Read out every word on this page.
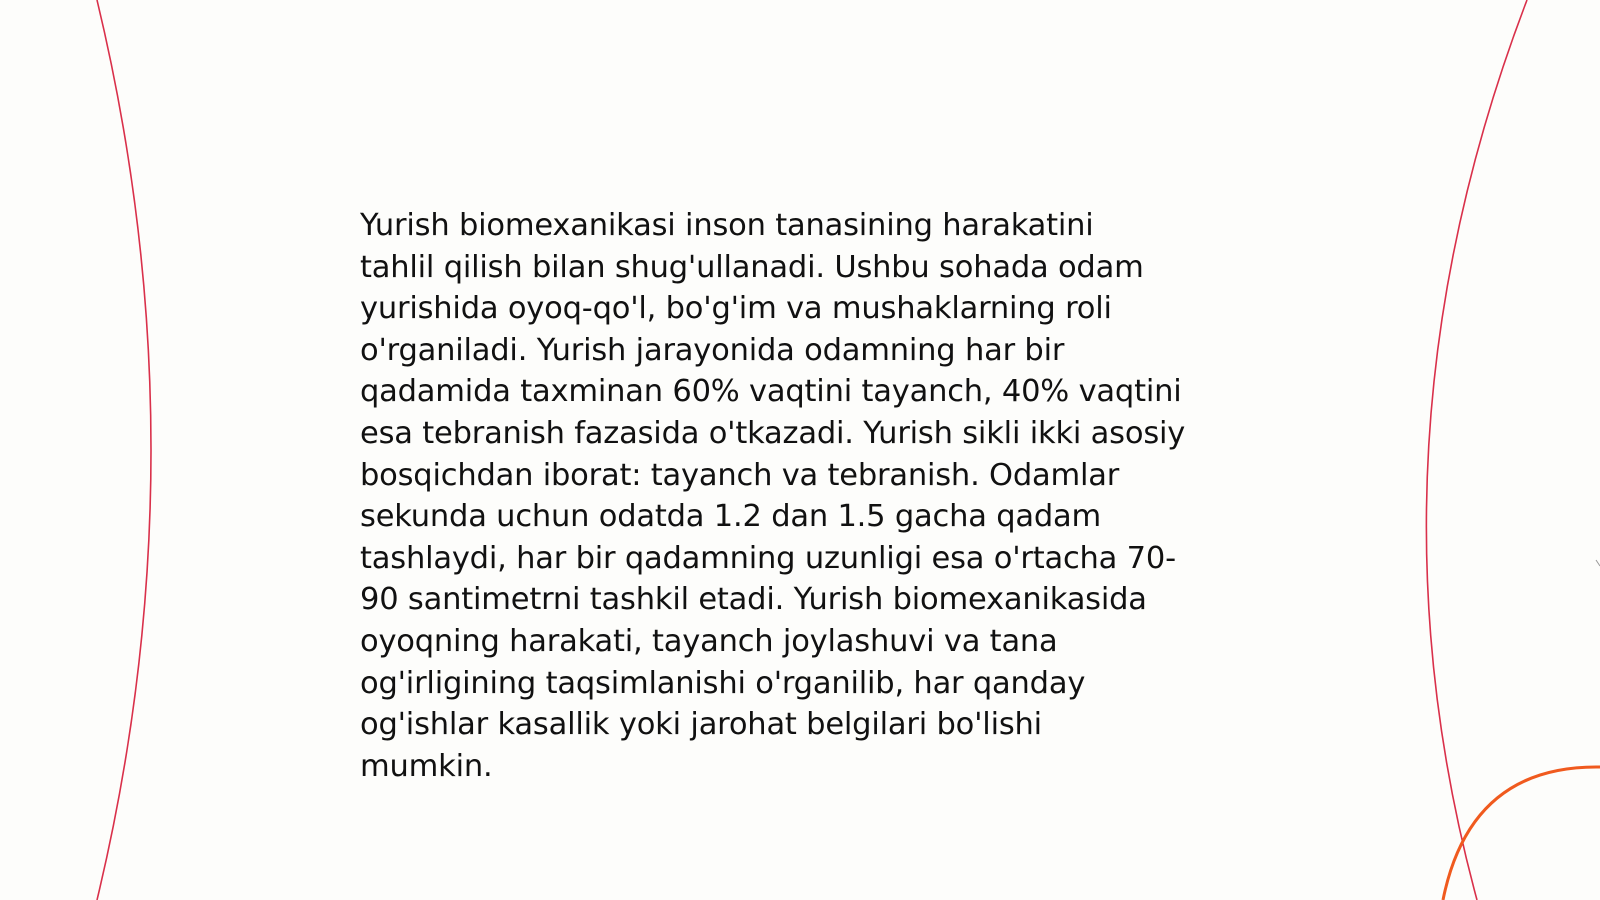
Yurish biomexanikasi inson tanasining harakatini
tahlil qilish bilan shug'ullanadi. Ushbu sohada odam
yurishida oyoq-qo'l, bo'g'im va mushaklarning roli
o'rganiladi. Yurish jarayonida odamning har bir
qadamida taxminan 60% vaqtini tayanch, 40% vaqtini
esa tebranish fazasida o'tkazadi. Yurish sikli ikki asosiy
bosqichdan iborat: tayanch va tebranish. Odamlar
sekunda uchun odatda 1.2 dan 1.5 gacha qadam
tashlaydi, har bir qadamning uzunligi esa o'rtacha 70-
90 santimetrni tashkil etadi. Yurish biomexanikasida
oyoqning harakati, tayanch joylashuvi va tana
og'irligining taqsimlanishi o'rganilib, har qanday
og'ishlar kasallik yoki jarohat belgilari bo'lishi
mumkin.
